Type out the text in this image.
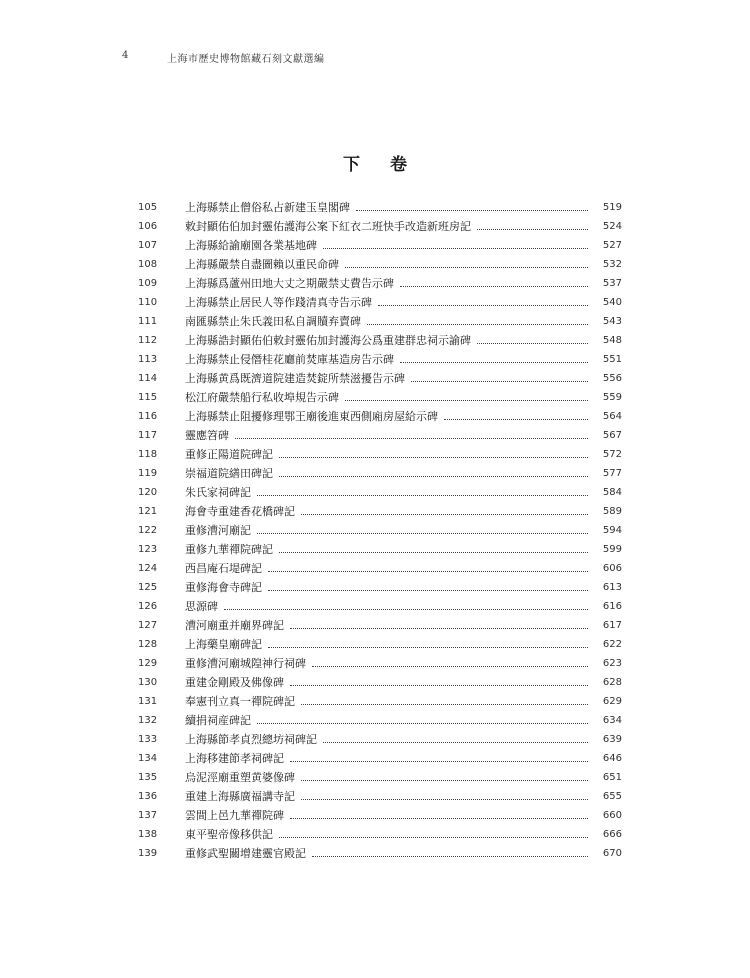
4	上海市歷史博物館藏石刻文獻選編
下 卷
105	上海縣禁止僧俗私占新建玉皇閣碑	519
106	敕封顯佑伯加封靈佑護海公案下紅衣二班快手改造新班房記	524
107	上海縣給諭廟園各業基地碑	527
108	上海縣嚴禁自盡圖賴以重民命碑	532
109	上海縣爲蘆州田地大丈之期嚴禁丈費告示碑	537
110	上海縣禁止居民人等作踐清真寺告示碑	540
111	南匯縣禁止朱氏義田私自調贖弃賣碑	543
112	上海縣誥封顯佑伯敕封靈佑加封護海公爲重建群忠祠示諭碑	548
113	上海縣禁止侵僭桂花廳前焚庫基造房告示碑	551
114	上海縣黄爲既濟道院建造焚錠所禁滋擾告示碑	556
115	松江府嚴禁船行私收埠規告示碑	559
116	上海縣禁止阻擾修理鄂王廟後進東西側廂房屋給示碑	564
117	靈應笤碑	567
118	重修正陽道院碑記	572
119	崇福道院繕田碑記	577
120	朱氏家祠碑記	584
121	海會寺重建香花橋碑記	589
122	重修漕河廟記	594
123	重修九華禪院碑記	599
124	西昌庵石堤碑記	606
125	重修海會寺碑記	613
126	思源碑	616
127	漕河廟重并廟界碑記	617
128	上海藥皇廟碑記	622
129	重修漕河廟城隍神行祠碑	623
130	重建金剛殿及佛像碑	628
131	奉憲刊立真一禪院碑記	629
132	續捐祠産碑記	634
133	上海縣節孝貞烈總坊祠碑記	639
134	上海移建節孝祠碑記	646
135	烏泥涇廟重塑黄婆像碑	651
136	重建上海縣廣福講寺記	655
137	雲間上邑九華禪院碑	660
138	東平聖帝像移供記	666
139	重修武聖關增建靈官殿記	670
